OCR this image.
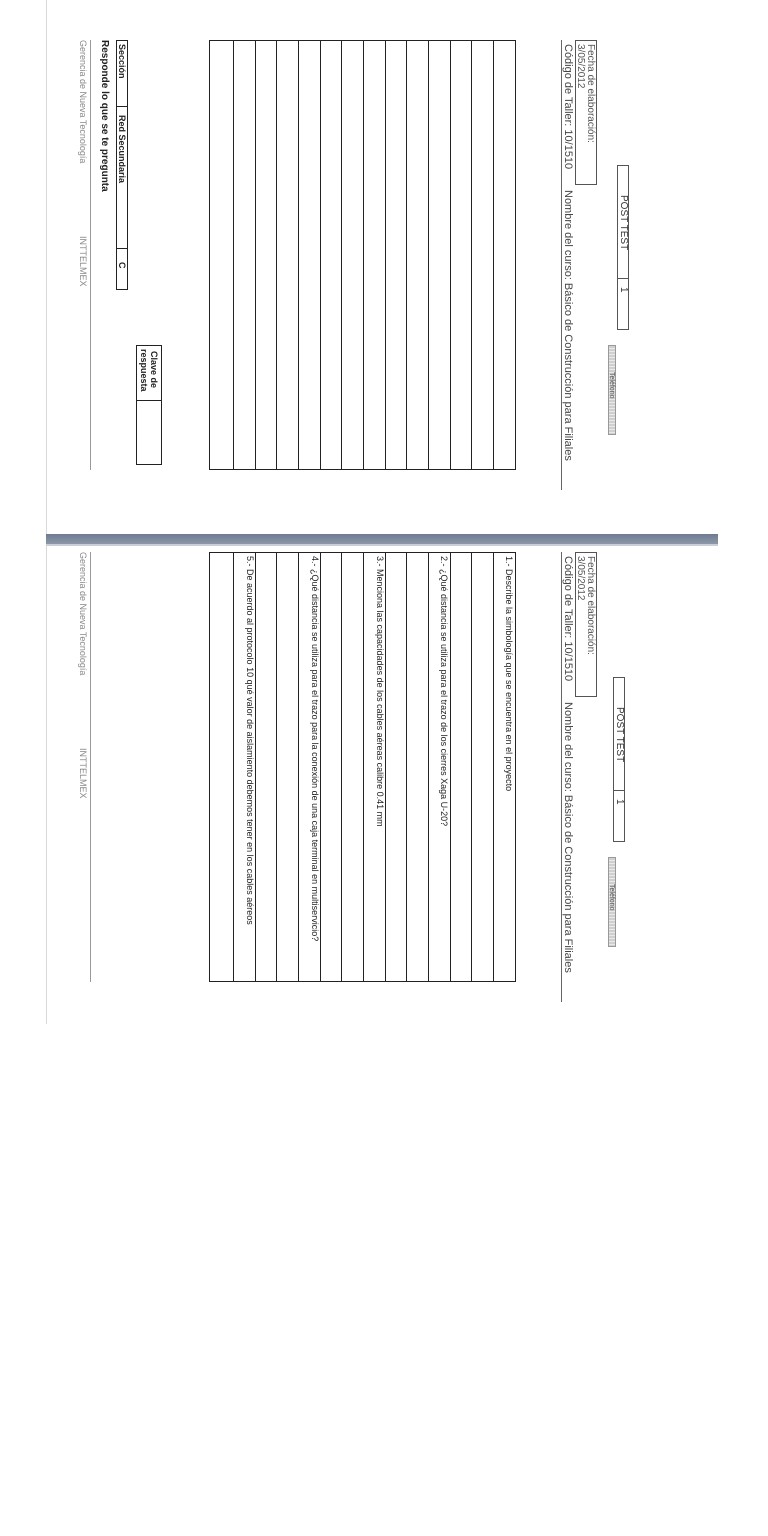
Fecha de elaboración:
3/05/2012
Código de Taller: 10/1510
Nombre del curso: Básico de Construcción para Filiales	POST TEST
1
Teléfono
Sección
Red Secundaria
C
Responde lo que se te pregunta
Clave de
respuesta
Gerencia de Nueva Tecnología
INTTELMEX
Fecha de elaboración:
3/05/2012
Código de Taller: 10/1510
Nombre del curso: Básico de Construcción para Filiales	POST TEST
1
Teléfono
1.- Describe la simbología que se encuentra en el proyecto
2.- ¿Qué distancia se utiliza para el trazo de los cierres Xaga U-20?
3.- Menciona las capacidades de los cables aéreas calibre 0.41 mm
4.- ¿Qué distancia se utiliza para el trazo para la conexión de una caja terminal en multiservicio?
5.- De acuerdo al protocolo 10 qué valor de aislamiento debemos tener en los cables aéreos
Gerencia de Nueva Tecnología
INTTELMEX
